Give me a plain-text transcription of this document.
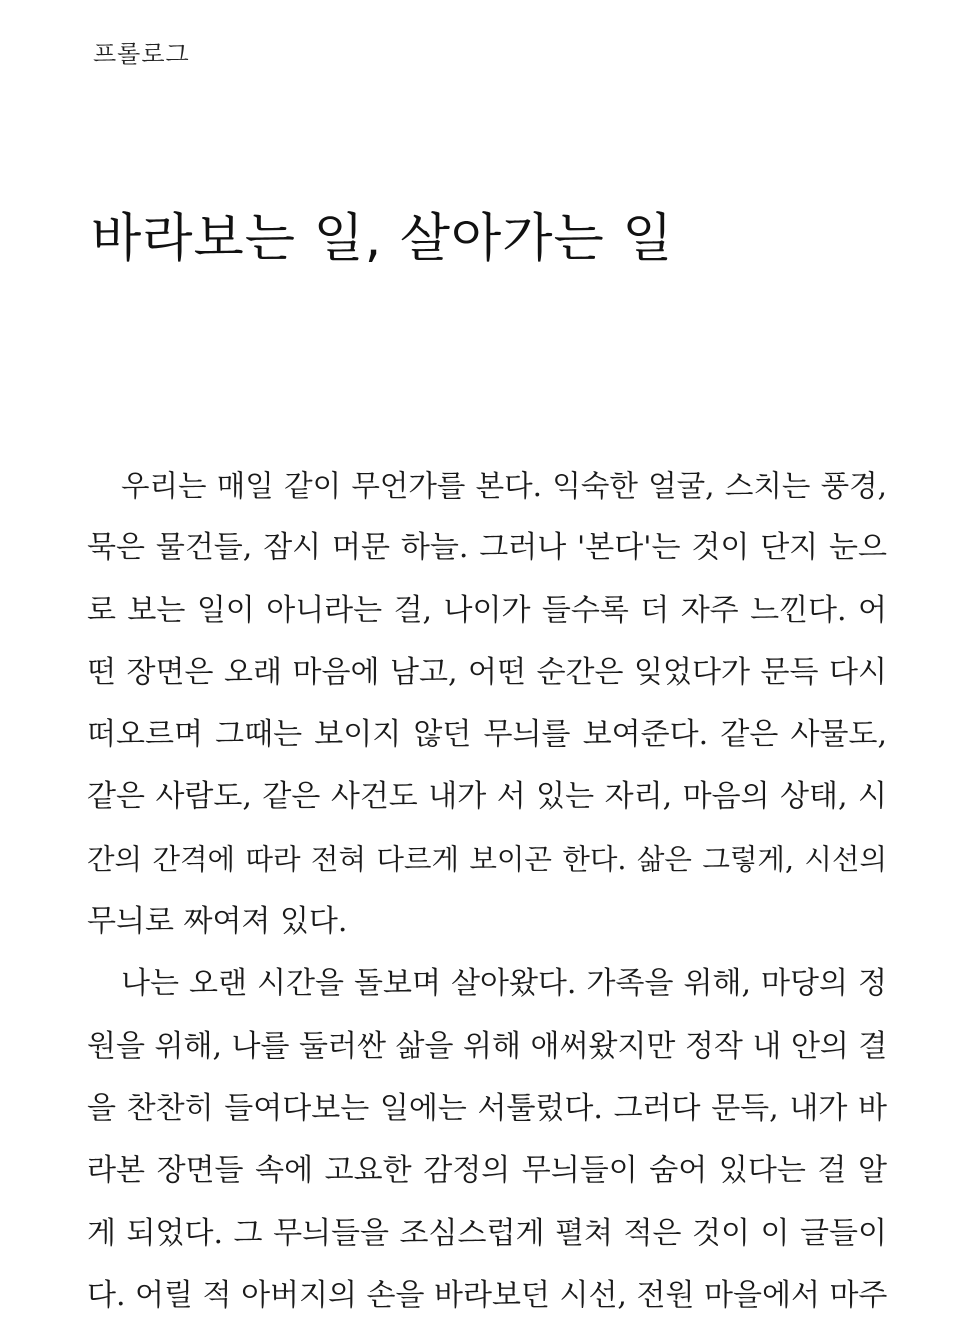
프롤로그
바라보는 일, 살아가는 일
우리는 매일 같이 무언가를 본다. 익숙한 얼굴, 스치는 풍경,
묵은 물건들, 잠시 머문 하늘. 그러나 '본다'는 것이 단지 눈으
로 보는 일이 아니라는 걸, 나이가 들수록 더 자주 느낀다. 어
떤 장면은 오래 마음에 남고, 어떤 순간은 잊었다가 문득 다시
떠오르며 그때는 보이지 않던 무늬를 보여준다. 같은 사물도,
같은 사람도, 같은 사건도 내가 서 있는 자리, 마음의 상태, 시
간의 간격에 따라 전혀 다르게 보이곤 한다. 삶은 그렇게, 시선의
무늬로 짜여져 있다.
나는 오랜 시간을 돌보며 살아왔다. 가족을 위해, 마당의 정
원을 위해, 나를 둘러싼 삶을 위해 애써왔지만 정작 내 안의 결
을 찬찬히 들여다보는 일에는 서툴렀다. 그러다 문득, 내가 바
라본 장면들 속에 고요한 감정의 무늬들이 숨어 있다는 걸 알
게 되었다. 그 무늬들을 조심스럽게 펼쳐 적은 것이 이 글들이
다. 어릴 적 아버지의 손을 바라보던 시선, 전원 마을에서 마주
